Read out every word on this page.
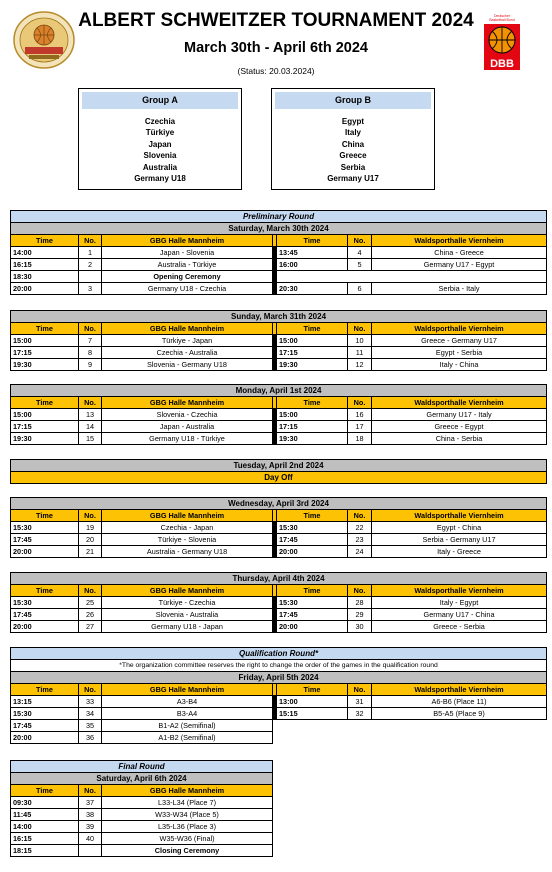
ALBERT SCHWEITZER TOURNAMENT 2024
March 30th - April 6th 2024
(Status: 20.03.2024)
Deutscher Basketball Bund
DBB
Group A
Czechia
Türkiye
Japan
Slovenia
Australia
Germany U18
Group B
Egypt
Italy
China
Greece
Serbia
Germany U17
Preliminary Round						
Saturday, March 30th 2024						
Time	No.	GBG Halle Mannheim		Time	No.	Waldsporthalle Viernheim
14:00	1	Japan - Slovenia		13:45	4	China - Greece
16:15	2	Australia - Türkiye		16:00	5	Germany U17 - Egypt
18:30		Opening Ceremony				
20:00	3	Germany U18 - Czechia		20:30	6	Serbia - Italy
Sunday, March 31th 2024						
Time	No.	GBG Halle Mannheim		Time	No.	Waldsporthalle Viernheim
15:00	7	Türkiye - Japan		15:00	10	Greece - Germany U17
17:15	8	Czechia - Australia		17:15	11	Egypt - Serbia
19:30	9	Slovenia - Germany U18		19:30	12	Italy - China
Monday, April 1st 2024						
Time	No.	GBG Halle Mannheim		Time	No.	Waldsporthalle Viernheim
15:00	13	Slovenia - Czechia		15:00	16	Germany U17 - Italy
17:15	14	Japan - Australia		17:15	17	Greece - Egypt
19:30	15	Germany U18 - Türkiye		19:30	18	China - Serbia
Tuesday, April 2nd 2024
Day Off
Wednesday, April 3rd 2024						
Time	No.	GBG Halle Mannheim		Time	No.	Waldsporthalle Viernheim
15:30	19	Czechia - Japan		15:30	22	Egypt - China
17:45	20	Türkiye - Slovenia		17:45	23	Serbia - Germany U17
20:00	21	Australia - Germany U18		20:00	24	Italy - Greece
Thursday, April 4th 2024						
Time	No.	GBG Halle Mannheim		Time	No.	Waldsporthalle Viernheim
15:30	25	Türkiye - Czechia		15:30	28	Italy - Egypt
17:45	26	Slovenia - Australia		17:45	29	Germany U17 - China
20:00	27	Germany U18 - Japan		20:00	30	Greece - Serbia
Qualification Round*						
*The organization committee reserves the right to change the order of the games in the qualification round						
Friday, April 5th 2024						
Time	No.	GBG Halle Mannheim		Time	No.	Waldsporthalle Viernheim
13:15	33	A3-B4		13:00	31	A6-B6 (Place 11)
15:30	34	B3-A4		15:15	32	B5-A5 (Place 9)
17:45	35	B1-A2 (Semifinal)				
20:00	36	A1-B2 (Semifinal)				
Final Round		
Saturday, April 6th 2024		
Time	No.	GBG Halle Mannheim
09:30	37	L33-L34 (Place 7)
11:45	38	W33-W34 (Place 5)
14:00	39	L35-L36 (Place 3)
16:15	40	W35-W36 (Final)
18:15		Closing Ceremony
